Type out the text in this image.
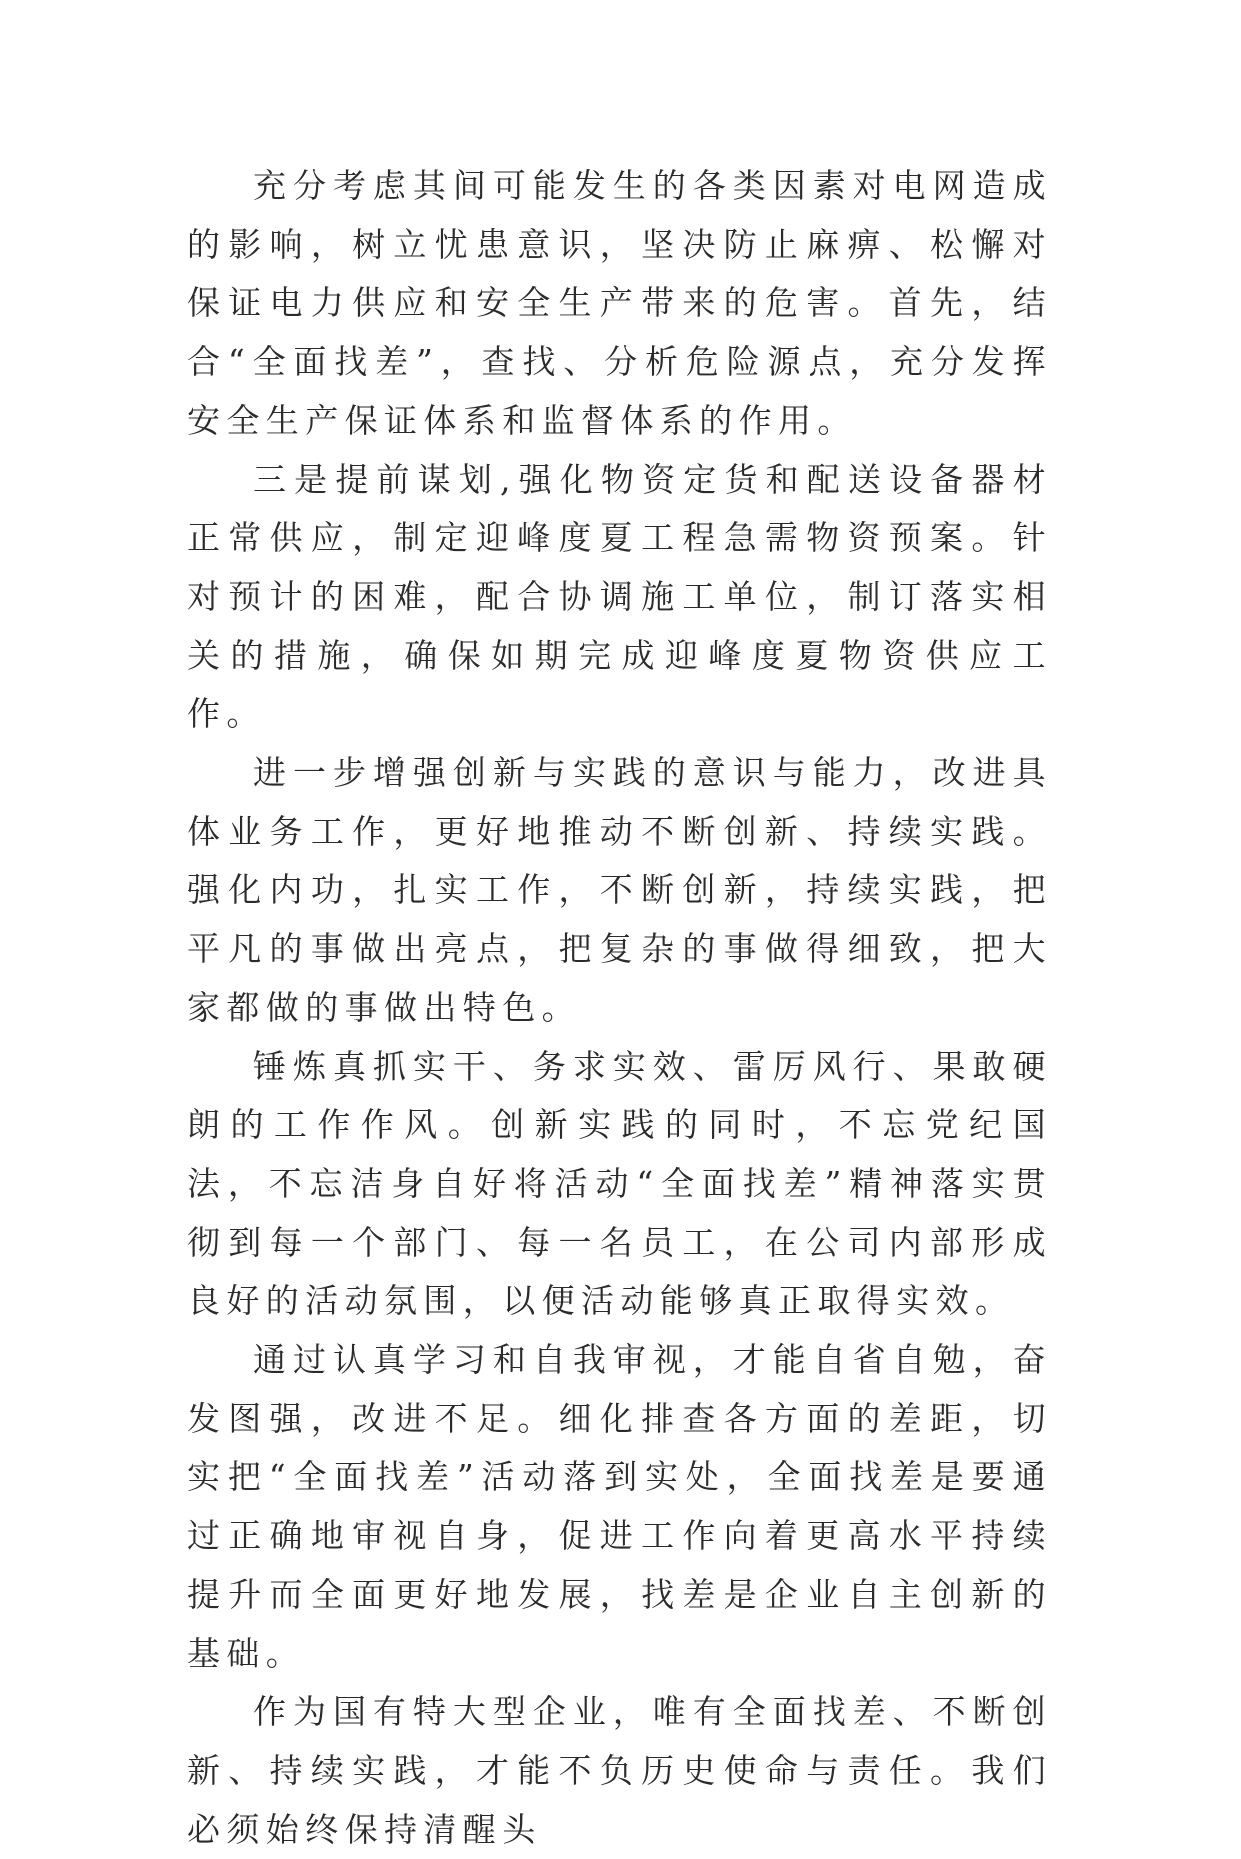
充分考虑其间可能发生的各类因素对电网造成的影响，树立忧患意识，坚决防止麻痹、松懈对保证电力供应和安全生产带来的危害。首先，结合“全面找差”，查找、分析危险源点，充分发挥安全生产保证体系和监督体系的作用。

三是提前谋划,强化物资定货和配送设备器材正常供应，制定迎峰度夏工程急需物资预案。针对预计的困难，配合协调施工单位，制订落实相关的措施，确保如期完成迎峰度夏物资供应工作。

进一步增强创新与实践的意识与能力，改进具体业务工作，更好地推动不断创新、持续实践。强化内功，扎实工作，不断创新，持续实践，把平凡的事做出亮点，把复杂的事做得细致，把大家都做的事做出特色。

锤炼真抓实干、务求实效、雷厉风行、果敢硬朗的工作作风。创新实践的同时，不忘党纪国法，不忘洁身自好将活动“全面找差”精神落实贯彻到每一个部门、每一名员工，在公司内部形成良好的活动氛围，以便活动能够真正取得实效。

通过认真学习和自我审视，才能自省自勉，奋发图强，改进不足。细化排查各方面的差距，切实把“全面找差”活动落到实处，全面找差是要通过正确地审视自身，促进工作向着更高水平持续提升而全面更好地发展，找差是企业自主创新的基础。

作为国有特大型企业，唯有全面找差、不断创新、持续实践，才能不负历史使命与责任。我们必须始终保持清醒头
